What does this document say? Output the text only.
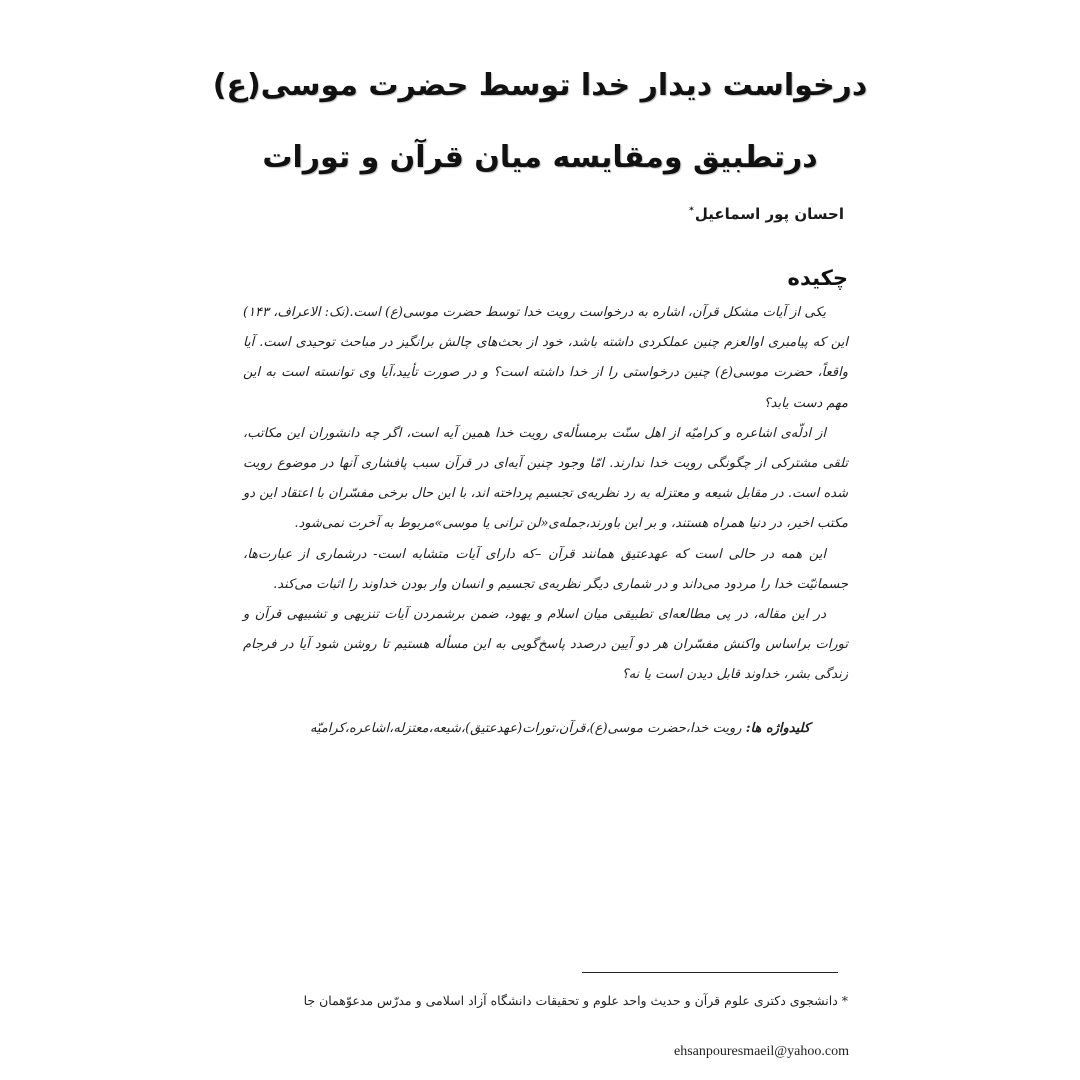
درخواست دیدار خدا توسط حضرت موسی(ع)
درتطبیق ومقایسه میان قرآن و تورات
احسان پور اسماعیل*
چکیده

یکی از آیات مشکل قرآن، اشاره به درخواست رویت خدا توسط حضرت موسی(ع) است.(نک: الاعراف، ۱۴۳) این که پیامبری اوالعزم چنین عملکردی داشته باشد، خود از بحث‌های چالش برانگیز در مباحث توحیدی است. آیا واقعاً، حضرت موسی(ع) چنین درخواستی را از خدا داشته است؟ و در صورت تأیید،آیا وی توانسته است به این مهم دست یابد؟

از ادلّه‌ی اشاعره و کرامیّه از اهل سنّت برمسأله‌ی رویت خدا همین آیه است، اگر چه دانشوران این مکاتب، تلقی مشترکی از چگونگی رویت خدا ندارند. امّا وجود چنین آیه‌ای در قرآن سبب پافشاری آنها در موضوع رویت شده است. در مقابل شیعه و معتزله به رد نظریه‌ی تجسیم پرداخته اند، با این حال برخی مفسّران با اعتقاد این دو مکتب اخیر، در دنیا همراه هستند، و بر این باورند،جمله‌ی«لن ترانی یا موسی»مربوط به آخرت نمی‌شود.

این همه در حالی است که عهدعتیق همانند قرآن –که دارای آیات متشابه است- درشماری از عبارت‌ها، جسمانیّت خدا را مردود می‌داند و در شماری دیگر نظریه‌ی تجسیم و انسان وار بودن خداوند را اثبات می‌کند.

در این مقاله، در پی مطالعه‌ای تطبیقی میان اسلام و یهود، ضمن برشمردن آیات تنزیهی و تشبیهی قرآن و تورات براساس واکنش مفسّران هر دو آیین درصدد پاسخ‌گویی به این مسأله هستیم تا روشن شود آیا در فرجام زندگی بشر، خداوند قابل دیدن است یا نه؟

کلیدواژه ها: رویت خدا،حضرت موسی(ع)،قرآن،تورات(عهدعتیق)،شیعه،معتزله،اشاعره،کرامیّه

* دانشجوی دکتری علوم قرآن و حدیث واحد علوم و تحقیقات دانشگاه آزاد اسلامی و مدرّس مدعوّهمان جا

ehsanpouresmaeil@yahoo.com
